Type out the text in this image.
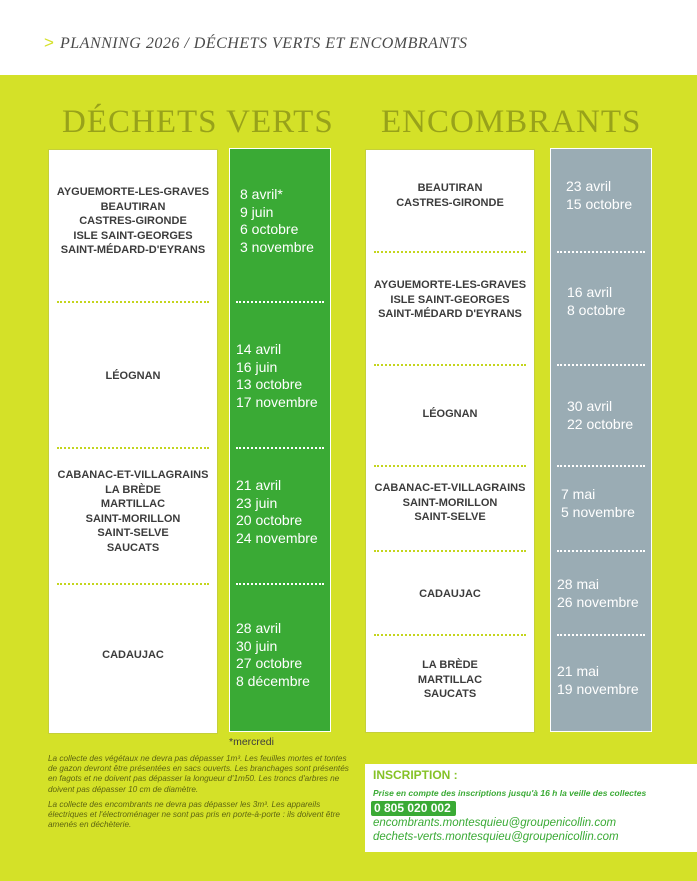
> PLANNING 2026 / DÉCHETS VERTS ET ENCOMBRANTS
DÉCHETS VERTS ENCOMBRANTS
AYGUEMORTE-LES-GRAVES
BEAUTIRAN
CASTRES-GIRONDE
ISLE SAINT-GEORGES
SAINT-MÉDARD-D'EYRANS
8 avril*
9 juin
6 octobre
3 novembre
LÉOGNAN
14 avril
16 juin
13 octobre
17 novembre
CABANAC-ET-VILLAGRAINS
LA BRÈDE
MARTILLAC
SAINT-MORILLON
SAINT-SELVE
SAUCATS
21 avril
23 juin
20 octobre
24 novembre
CADAUJAC
28 avril
30 juin
27 octobre
8 décembre
*mercredi
BEAUTIRAN
CASTRES-GIRONDE
23 avril
15 octobre
AYGUEMORTE-LES-GRAVES
ISLE SAINT-GEORGES
SAINT-MÉDARD D'EYRANS
16 avril
8 octobre
LÉOGNAN	30 avril
22 octobre
CABANAC-ET-VILLAGRAINS
SAINT-MORILLON
SAINT-SELVE
7 mai
5 novembre
CADAUJAC
28 mai
26 novembre
LA BRÈDE
MARTILLAC
SAUCATS
21 mai
19 novembre

La collecte des végétaux ne devra pas dépasser 1m³. Les feuilles mortes et tontes de gazon devront être présentées en sacs ouverts. Les branchages sont présentés en fagots et ne doivent pas dépasser la longueur d'1m50. Les troncs d'arbres ne doivent pas dépasser 10 cm de diamètre.

La collecte des encombrants ne devra pas dépasser les 3m³. Les appareils électriques et l'électroménager ne sont pas pris en porte-à-porte : ils doivent être amenés en déchèterie.

INSCRIPTION :
Prise en compte des inscriptions jusqu'à 16 h la veille des collectes
0 805 020 002
encombrants.montesquieu@groupenicollin.com
dechets-verts.montesquieu@groupenicollin.com
